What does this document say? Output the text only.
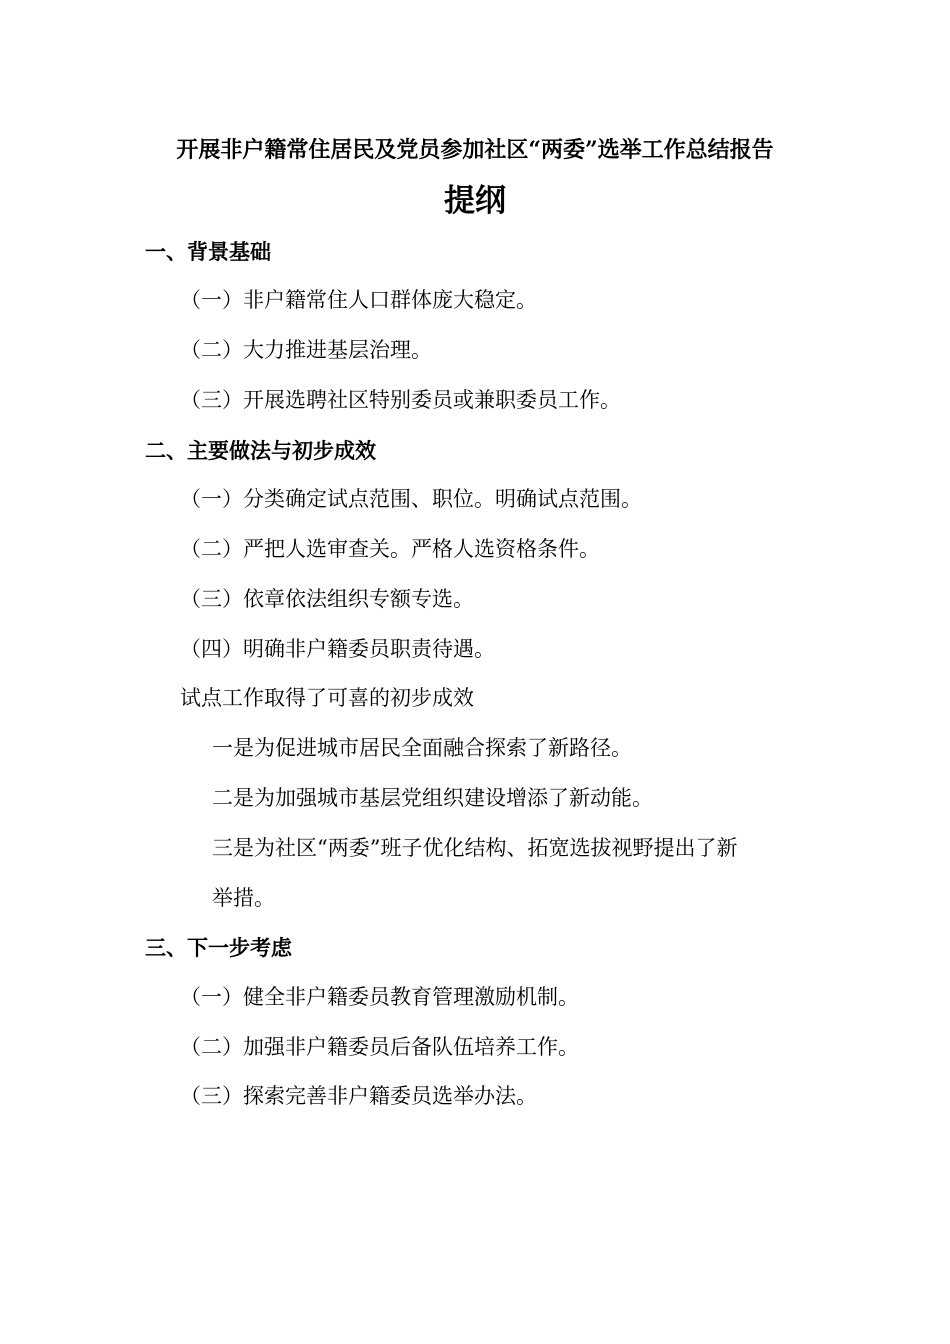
开展非户籍常住居民及党员参加社区“两委”选举工作总结报告
提纲
一、背景基础
（一）非户籍常住人口群体庞大稳定。
（二）大力推进基层治理。
（三）开展选聘社区特别委员或兼职委员工作。
二、主要做法与初步成效
（一）分类确定试点范围、职位。明确试点范围。
（二）严把人选审查关。严格人选资格条件。
（三）依章依法组织专额专选。
（四）明确非户籍委员职责待遇。
试点工作取得了可喜的初步成效
一是为促进城市居民全面融合探索了新路径。
二是为加强城市基层党组织建设增添了新动能。
三是为社区“两委”班子优化结构、拓宽选拔视野提出了新
举措。
三、下一步考虑
（一）健全非户籍委员教育管理激励机制。
（二）加强非户籍委员后备队伍培养工作。
（三）探索完善非户籍委员选举办法。
